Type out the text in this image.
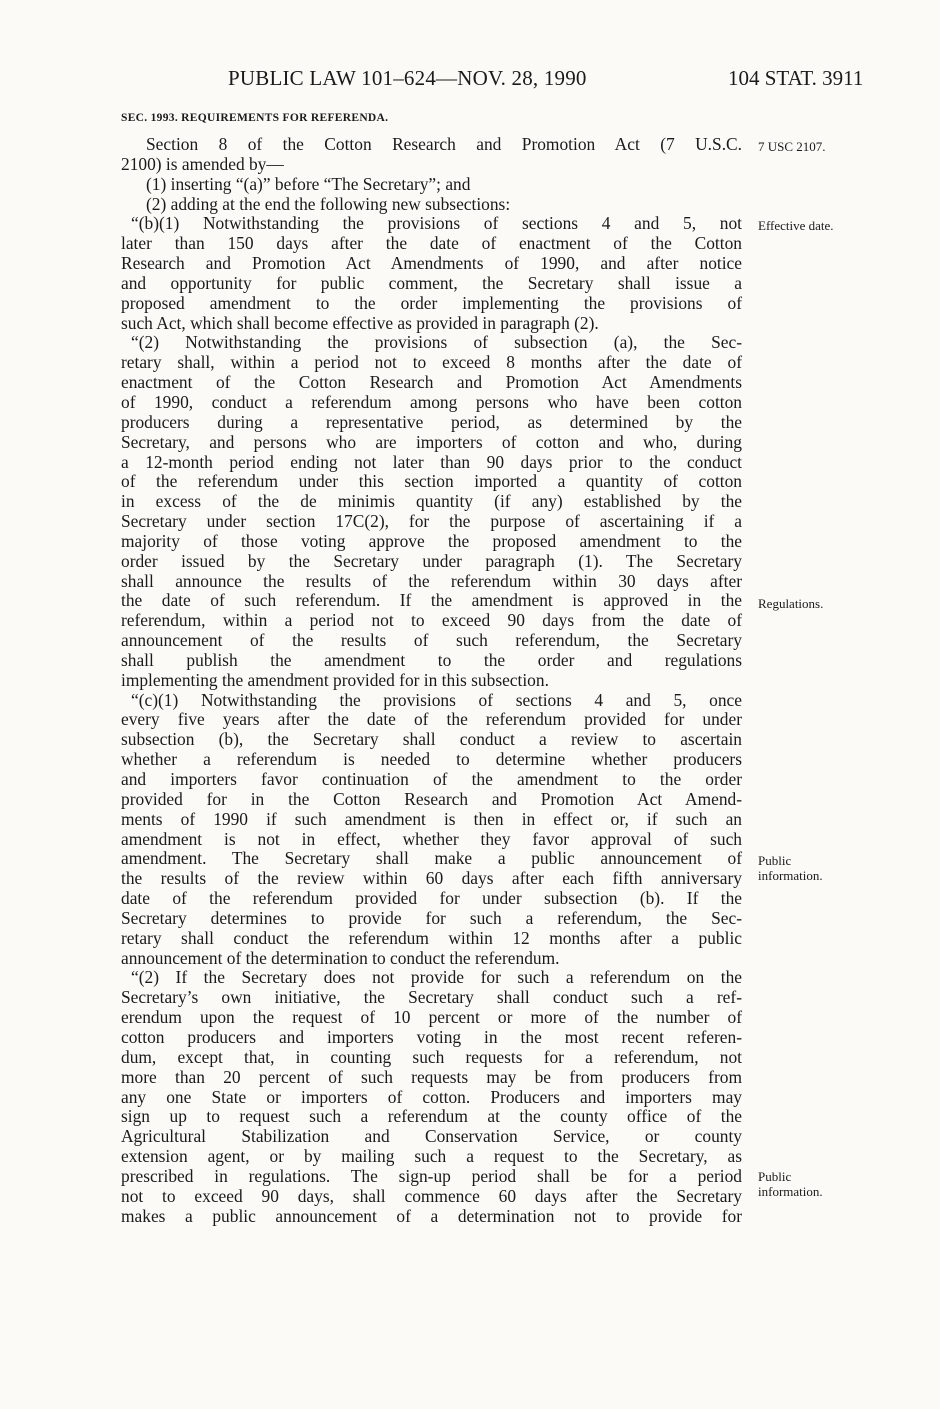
PUBLIC LAW 101–624—NOV. 28, 1990	104 STAT. 3911
SEC. 1993. REQUIREMENTS FOR REFERENDA.
Section 8 of the Cotton Research and Promotion Act (7 U.S.C.
2100) is amended by—
(1) inserting “(a)” before “The Secretary”; and
(2) adding at the end the following new subsections:
“(b)(1) Notwithstanding the provisions of sections 4 and 5, not
later than 150 days after the date of enactment of the Cotton
Research and Promotion Act Amendments of 1990, and after notice
and opportunity for public comment, the Secretary shall issue a
proposed amendment to the order implementing the provisions of
such Act, which shall become effective as provided in paragraph (2).
“(2) Notwithstanding the provisions of subsection (a), the Sec-
retary shall, within a period not to exceed 8 months after the date of
enactment of the Cotton Research and Promotion Act Amendments
of 1990, conduct a referendum among persons who have been cotton
producers during a representative period, as determined by the
Secretary, and persons who are importers of cotton and who, during
a 12-month period ending not later than 90 days prior to the conduct
of the referendum under this section imported a quantity of cotton
in excess of the de minimis quantity (if any) established by the
Secretary under section 17C(2), for the purpose of ascertaining if a
majority of those voting approve the proposed amendment to the
order issued by the Secretary under paragraph (1). The Secretary
shall announce the results of the referendum within 30 days after
the date of such referendum. If the amendment is approved in the
referendum, within a period not to exceed 90 days from the date of
announcement of the results of such referendum, the Secretary
shall publish the amendment to the order and regulations
implementing the amendment provided for in this subsection.
“(c)(1) Notwithstanding the provisions of sections 4 and 5, once
every five years after the date of the referendum provided for under
subsection (b), the Secretary shall conduct a review to ascertain
whether a referendum is needed to determine whether producers
and importers favor continuation of the amendment to the order
provided for in the Cotton Research and Promotion Act Amend-
ments of 1990 if such amendment is then in effect or, if such an
amendment is not in effect, whether they favor approval of such
amendment. The Secretary shall make a public announcement of
the results of the review within 60 days after each fifth anniversary
date of the referendum provided for under subsection (b). If the
Secretary determines to provide for such a referendum, the Sec-
retary shall conduct the referendum within 12 months after a public
announcement of the determination to conduct the referendum.
“(2) If the Secretary does not provide for such a referendum on the
Secretary’s own initiative, the Secretary shall conduct such a ref-
erendum upon the request of 10 percent or more of the number of
cotton producers and importers voting in the most recent referen-
dum, except that, in counting such requests for a referendum, not
more than 20 percent of such requests may be from producers from
any one State or importers of cotton. Producers and importers may
sign up to request such a referendum at the county office of the
Agricultural Stabilization and Conservation Service, or county
extension agent, or by mailing such a request to the Secretary, as
prescribed in regulations. The sign-up period shall be for a period
not to exceed 90 days, shall commence 60 days after the Secretary
makes a public announcement of a determination not to provide for
7 USC 2107.
Effective date.
Regulations.
Public
information.
Public
information.
